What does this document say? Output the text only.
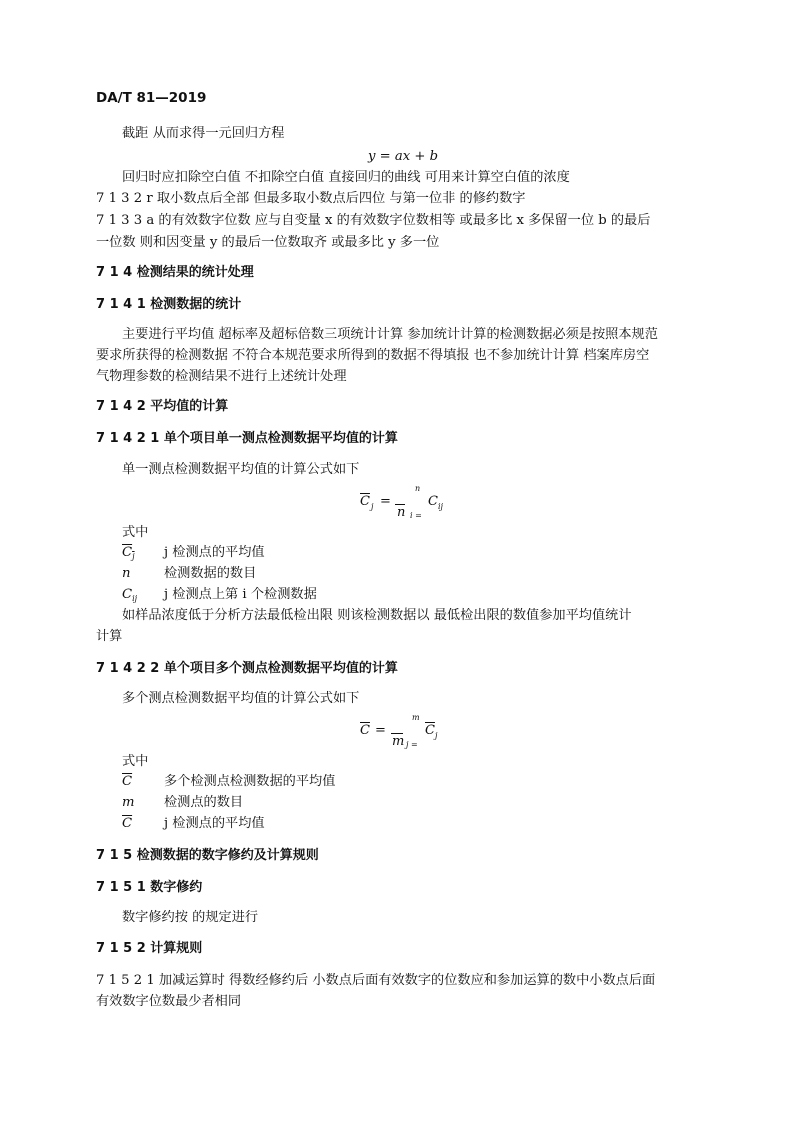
DA/T 81—2019
截距 从而求得一元回归方程
y = ax + b
回归时应扣除空白值 不扣除空白值 直接回归的曲线 可用来计算空白值的浓度
7 1 3 2 r 取小数点后全部 但最多取小数点后四位 与第一位非 的修约数字
7 1 3 3 a 的有效数字位数 应与自变量 x 的有效数字位数相等 或最多比 x 多保留一位 b 的最后
一位数 则和因变量 y 的最后一位数取齐 或最多比 y 多一位
7 1 4 检测结果的统计处理
7 1 4 1 检测数据的统计
主要进行平均值 超标率及超标倍数三项统计计算 参加统计计算的检测数据必须是按照本规范
要求所获得的检测数据 不符合本规范要求所得到的数据不得填报 也不参加统计计算 档案库房空
气物理参数的检测结果不进行上述统计处理
7 1 4 2 平均值的计算
7 1 4 2 1 单个项目单一测点检测数据平均值的计算
单一测点检测数据平均值的计算公式如下
$\overline{C}$ j =
n
n
i =
C ij
式中
$C_j$ j 检测点的平均值
n	检测数据的数目
$C_{ij}$ j 检测点上第 i 个检测数据
如样品浓度低于分析方法最低检出限 则该检测数据以 最低检出限的数值参加平均值统计
计算
7 1 4 2 2 单个项目多个测点检测数据平均值的计算
多个测点检测数据平均值的计算公式如下
$\overline{C}$ =
m
m
j =
$\overline{C}$ j
式中
$\overline{C}$ 多个检测点检测数据的平均值
m 检测点的数目
$\overline{C}$ j 检测点的平均值
7 1 5 检测数据的数字修约及计算规则
7 1 5 1 数字修约
数字修约按 的规定进行
7 1 5 2 计算规则
7 1 5 2 1 加减运算时 得数经修约后 小数点后面有效数字的位数应和参加运算的数中小数点后面
有效数字位数最少者相同
